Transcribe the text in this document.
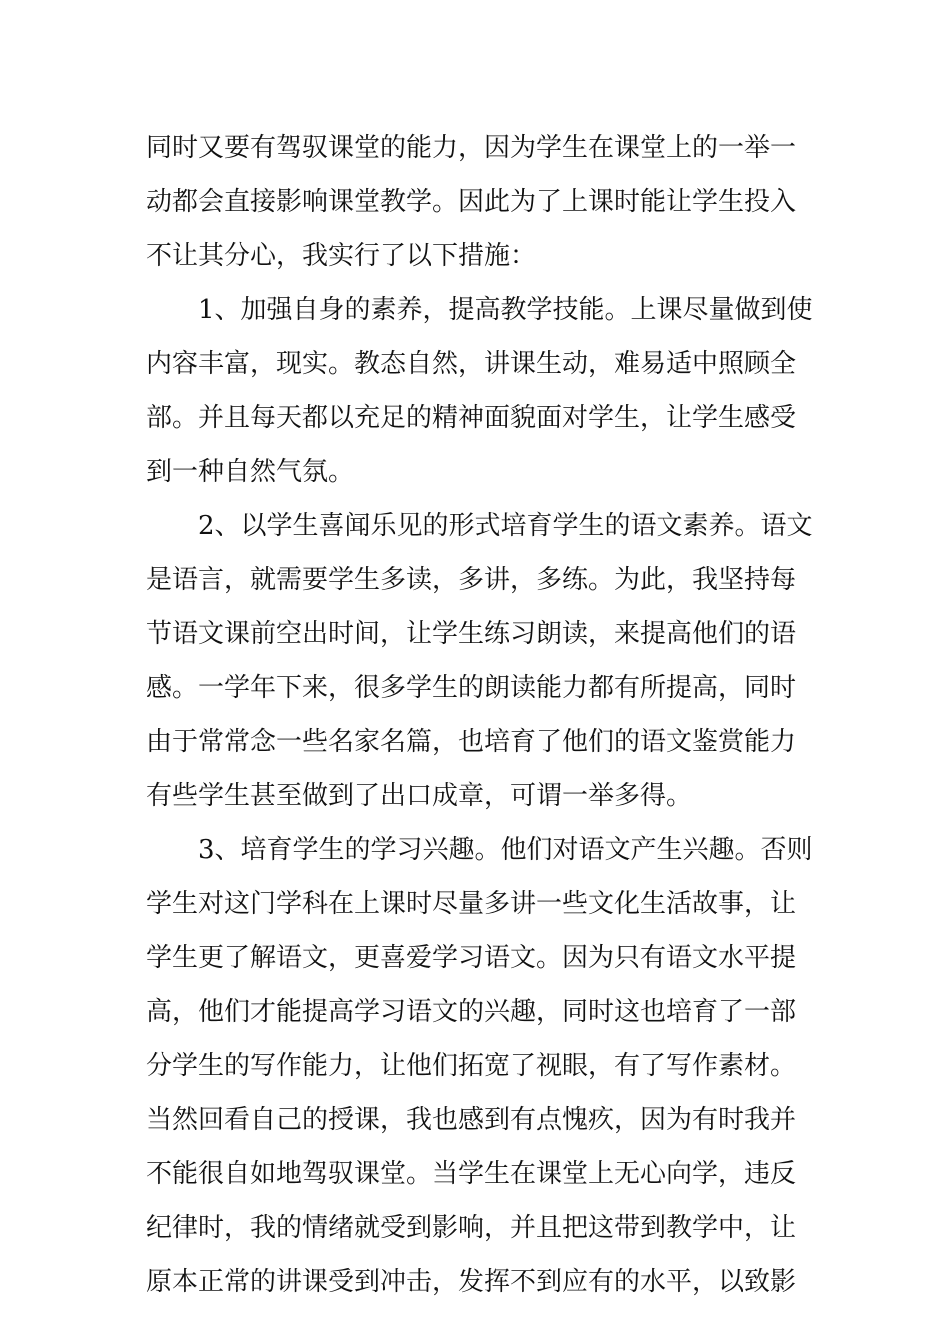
同时又要有驾驭课堂的能力，因为学生在课堂上的一举一
动都会直接影响课堂教学。因此为了上课时能让学生投入
不让其分心，我实行了以下措施：
1、加强自身的素养，提高教学技能。上课尽量做到使
内容丰富，现实。教态自然，讲课生动，难易适中照顾全
部。并且每天都以充足的精神面貌面对学生，让学生感受
到一种自然气氛。
2、以学生喜闻乐见的形式培育学生的语文素养。语文
是语言，就需要学生多读，多讲，多练。为此，我坚持每
节语文课前空出时间，让学生练习朗读，来提高他们的语
感。一学年下来，很多学生的朗读能力都有所提高，同时
由于常常念一些名家名篇，也培育了他们的语文鉴赏能力
有些学生甚至做到了出口成章，可谓一举多得。
3、培育学生的学习兴趣。他们对语文产生兴趣。否则
学生对这门学科在上课时尽量多讲一些文化生活故事，让
学生更了解语文，更喜爱学习语文。因为只有语文水平提
高，他们才能提高学习语文的兴趣，同时这也培育了一部
分学生的写作能力，让他们拓宽了视眼，有了写作素材。
当然回看自己的授课，我也感到有点愧疚，因为有时我并
不能很自如地驾驭课堂。当学生在课堂上无心向学，违反
纪律时，我的情绪就受到影响，并且把这带到教学中，让
原本正常的讲课受到冲击，发挥不到应有的水平，以致影
